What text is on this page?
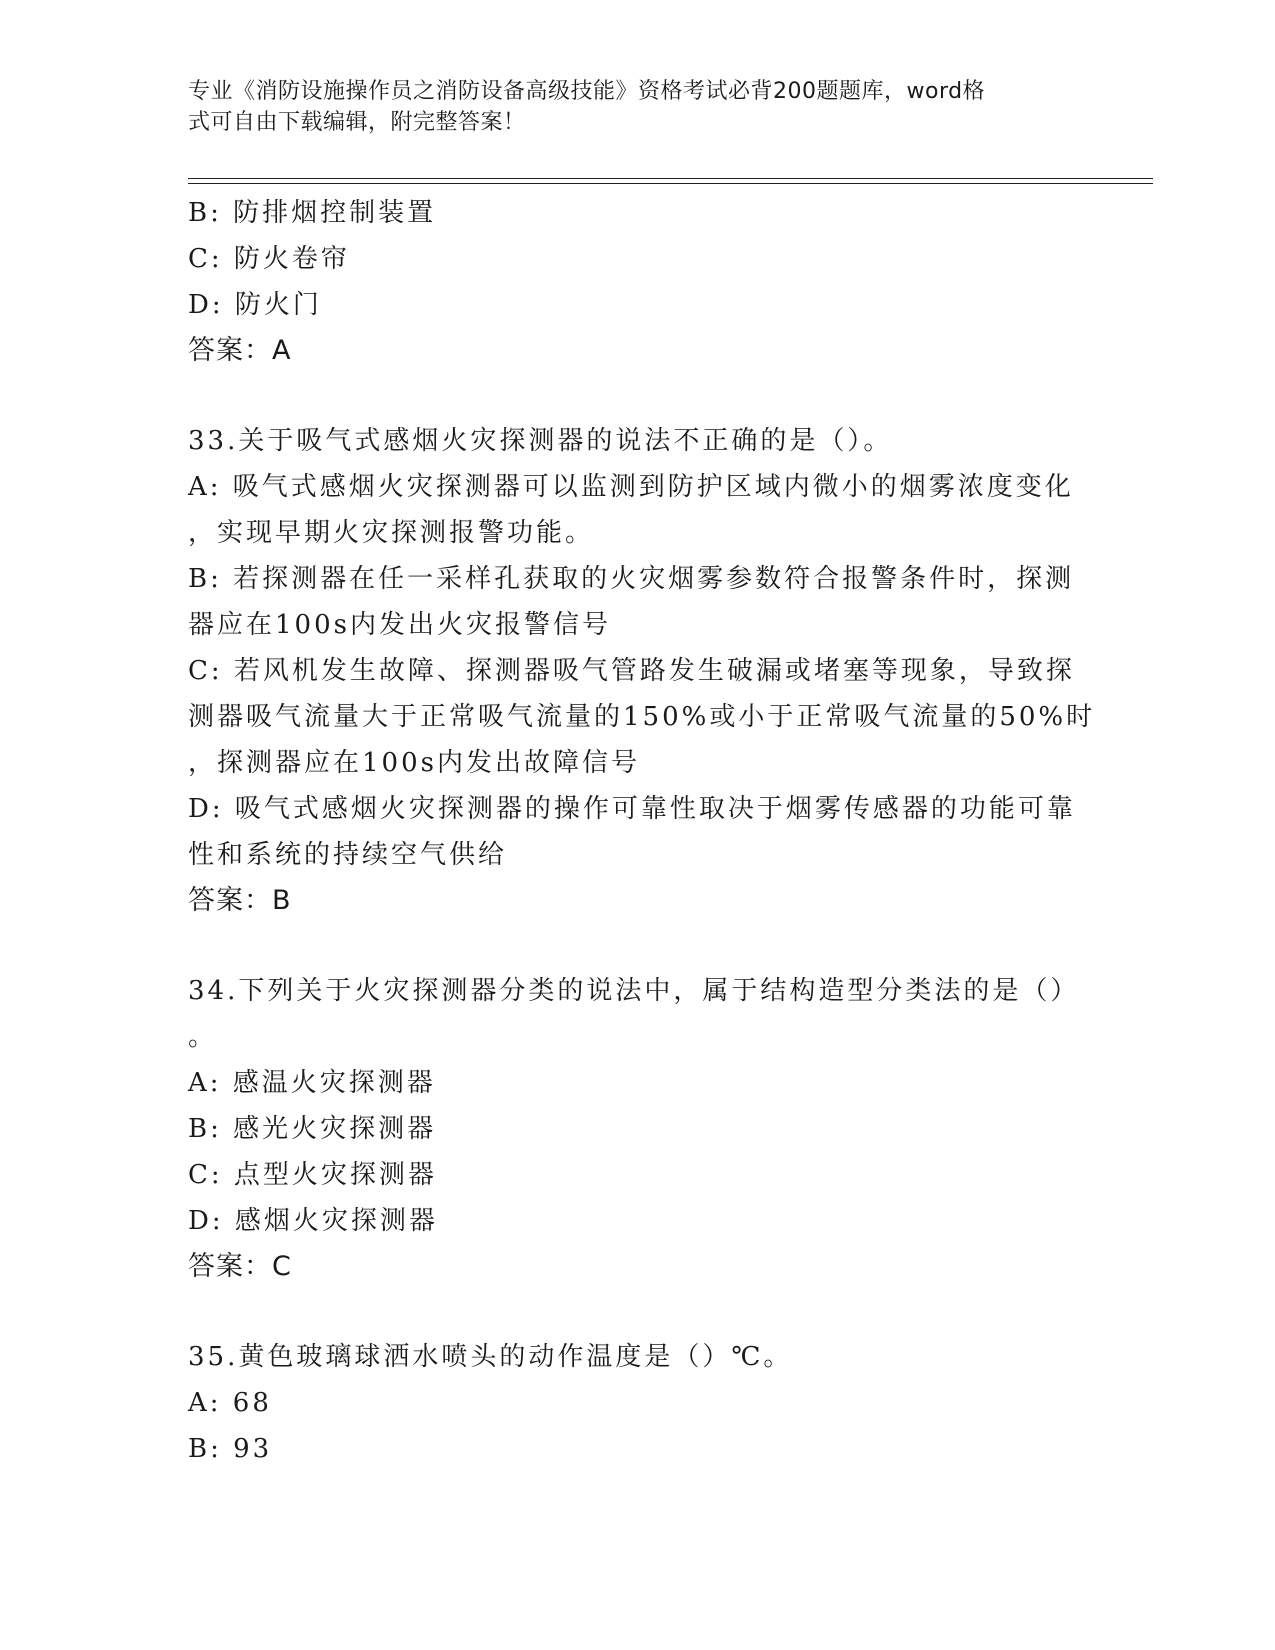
专业《消防设施操作员之消防设备高级技能》资格考试必背200题题库，word格
式可自由下载编辑，附完整答案！
B: 防排烟控制装置
C: 防火卷帘
D: 防火门
答案：A
33.关于吸气式感烟火灾探测器的说法不正确的是（）。
A: 吸气式感烟火灾探测器可以监测到防护区域内微小的烟雾浓度变化
，实现早期火灾探测报警功能。
B: 若探测器在任一采样孔获取的火灾烟雾参数符合报警条件时，探测
器应在100s内发出火灾报警信号
C: 若风机发生故障、探测器吸气管路发生破漏或堵塞等现象，导致探
测器吸气流量大于正常吸气流量的150%或小于正常吸气流量的50%时
，探测器应在100s内发出故障信号
D: 吸气式感烟火灾探测器的操作可靠性取决于烟雾传感器的功能可靠
性和系统的持续空气供给
答案：B
34.下列关于火灾探测器分类的说法中，属于结构造型分类法的是（）
。
A: 感温火灾探测器
B: 感光火灾探测器
C: 点型火灾探测器
D: 感烟火灾探测器
答案：C
35.黄色玻璃球洒水喷头的动作温度是（）℃。
A: 68
B: 93
